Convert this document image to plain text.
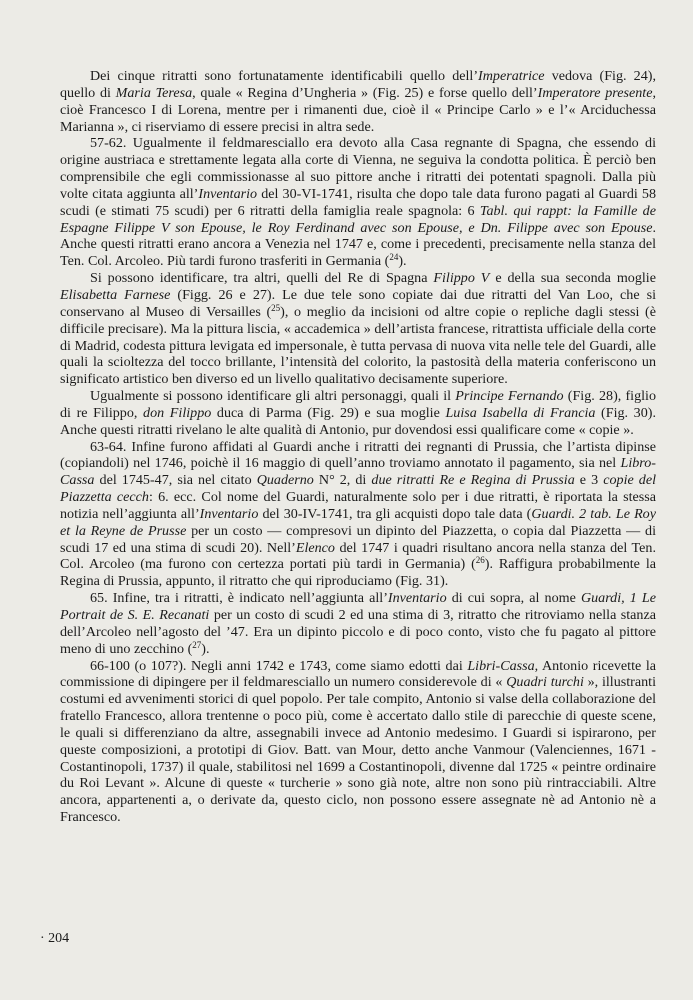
Dei cinque ritratti sono fortunatamente identificabili quello dell’Imperatrice vedova (Fig. 24), quello di Maria Teresa, quale « Regina d’Ungheria » (Fig. 25) e forse quello dell’Imperatore presente, cioè Francesco I di Lorena, mentre per i rimanenti due, cioè il « Principe Carlo » e l’« Arciduchessa Marianna », ci riserviamo di essere precisi in altra sede.

57-62. Ugualmente il feldmaresciallo era devoto alla Casa regnante di Spagna, che essendo di origine austriaca e strettamente legata alla corte di Vienna, ne seguiva la condotta politica. È perciò ben comprensibile che egli commissionasse al suo pittore anche i ritratti dei potentati spagnoli. Dalla più volte citata aggiunta all’Inventario del 30-VI-1741, risulta che dopo tale data furono pagati al Guardi 58 scudi (e stimati 75 scudi) per 6 ritratti della famiglia reale spagnola: 6 Tabl. qui rappt: la Famille de Espagne Filippe V son Epouse, le Roy Ferdinand avec son Epouse, e Dn. Filippe avec son Epouse. Anche questi ritratti erano ancora a Venezia nel 1747 e, come i precedenti, precisamente nella stanza del Ten. Col. Arcoleo. Più tardi furono trasferiti in Germania ($^{24}$).

Si possono identificare, tra altri, quelli del Re di Spagna Filippo V e della sua seconda moglie Elisabetta Farnese (Figg. 26 e 27). Le due tele sono copiate dai due ritratti del Van Loo, che si conservano al Museo di Versailles ($^{25}$), o meglio da incisioni od altre copie o repliche dagli stessi (è difficile precisare). Ma la pittura liscia, « accademica » dell’artista francese, ritrattista ufficiale della corte di Madrid, codesta pittura levigata ed impersonale, è tutta pervasa di nuova vita nelle tele del Guardi, alle quali la scioltezza del tocco brillante, l’intensità del colorito, la pastosità della materia conferiscono un significato artistico ben diverso ed un livello qualitativo decisamente superiore.

Ugualmente si possono identificare gli altri personaggi, quali il Principe Fernando (Fig. 28), figlio di re Filippo, don Filippo duca di Parma (Fig. 29) e sua moglie Luisa Isabella di Francia (Fig. 30). Anche questi ritratti rivelano le alte qualità di Antonio, pur dovendosi essi qualificare come « copie ».

63-64. Infine furono affidati al Guardi anche i ritratti dei regnanti di Prussia, che l’artista dipinse (copiandoli) nel 1746, poichè il 16 maggio di quell’anno troviamo annotato il pagamento, sia nel Libro-Cassa del 1745-47, sia nel citato Quaderno N° 2, di due ritratti Re e Regina di Prussia e 3 copie del Piazzetta cecch: 6. ecc. Col nome del Guardi, naturalmente solo per i due ritratti, è riportata la stessa notizia nell’aggiunta all’Inventario del 30-IV-1741, tra gli acquisti dopo tale data (Guardi. 2 tab. Le Roy et la Reyne de Prusse per un costo — compresovi un dipinto del Piazzetta, o copia dal Piazzetta — di scudi 17 ed una stima di scudi 20). Nell’Elenco del 1747 i quadri risultano ancora nella stanza del Ten. Col. Arcoleo (ma furono con certezza portati più tardi in Germania) ($^{26}$). Raffigura probabilmente la Regina di Prussia, appunto, il ritratto che qui riproduciamo (Fig. 31).

65. Infine, tra i ritratti, è indicato nell’aggiunta all’Inventario di cui sopra, al nome Guardi, 1 Le Portrait de S. E. Recanati per un costo di scudi 2 ed una stima di 3, ritratto che ritroviamo nella stanza dell’Arcoleo nell’agosto del ’47. Era un dipinto piccolo e di poco conto, visto che fu pagato al pittore meno di uno zecchino ($^{27}$).

66-100 (o 107?). Negli anni 1742 e 1743, come siamo edotti dai Libri-Cassa, Antonio ricevette la commissione di dipingere per il feldmaresciallo un numero considerevole di « Quadri turchi », illustranti costumi ed avvenimenti storici di quel popolo. Per tale compito, Antonio si valse della collaborazione del fratello Francesco, allora trentenne o poco più, come è accertato dallo stile di parecchie di queste scene, le quali si differenziano da altre, assegnabili invece ad Antonio medesimo. I Guardi si ispirarono, per queste composizioni, a prototipi di Giov. Batt. van Mour, detto anche Vanmour (Valenciennes, 1671 - Costantinopoli, 1737) il quale, stabilitosi nel 1699 a Costantinopoli, divenne dal 1725 « peintre ordinaire du Roi Levant ». Alcune di queste « turcherie » sono già note, altre non sono più rintracciabili. Altre ancora, appartenenti a, o derivate da, questo ciclo, non possono essere assegnate nè ad Antonio nè a Francesco.

· 204
